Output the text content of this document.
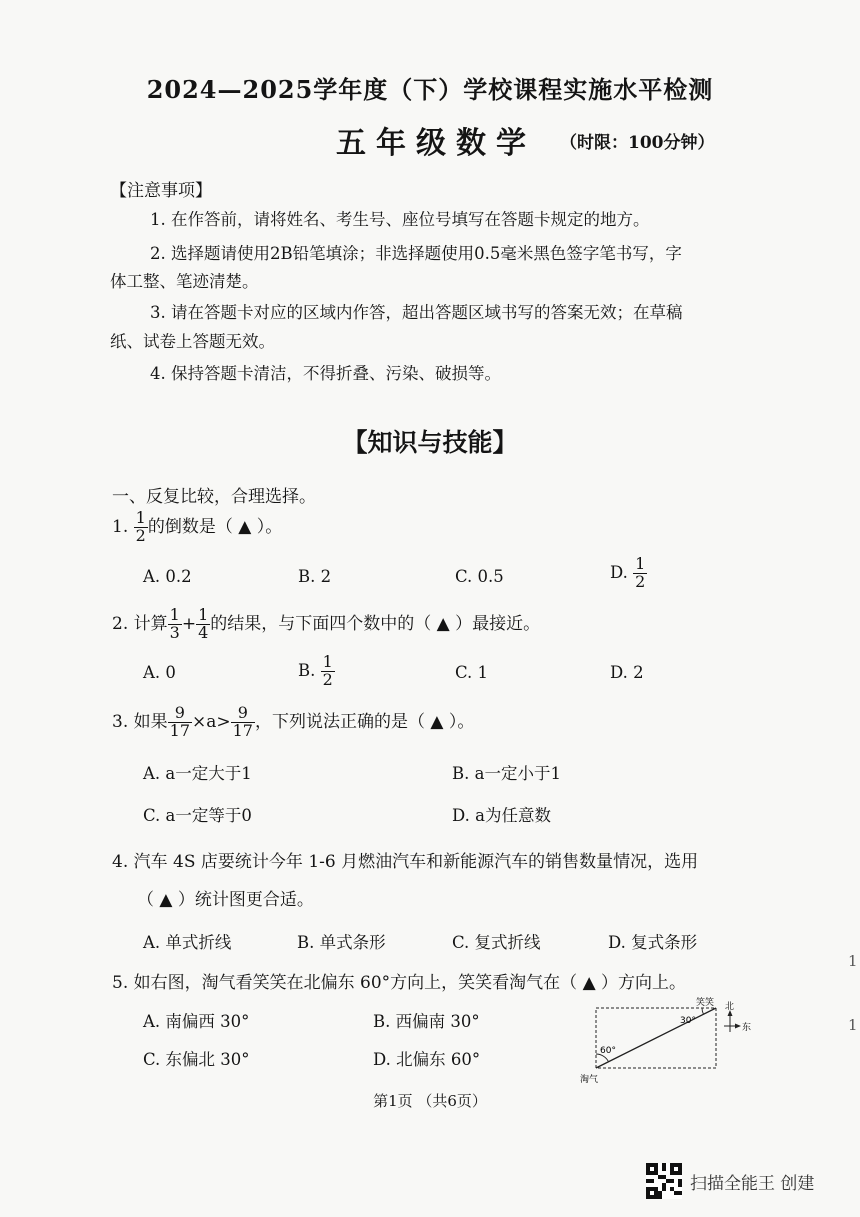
2024—2025学年度（下）学校课程实施水平检测
五年级数学 （时限：100分钟）
【注意事项】
1. 在作答前，请将姓名、考生号、座位号填写在答题卡规定的地方。
2. 选择题请使用2B铅笔填涂；非选择题使用0.5毫米黑色签字笔书写，字
体工整、笔迹清楚。
3. 请在答题卡对应的区域内作答，超出答题区域书写的答案无效；在草稿
纸、试卷上答题无效。
4. 保持答题卡清洁，不得折叠、污染、破损等。
【知识与技能】
一、反复比较，合理选择。
1. $\frac{1}{2}$ 的倒数是（ ▲ ）。
A. 0.2	B. 2	C. 0.5	D. $\frac{1}{2}$
2. 计算 $\frac{1}{3} + \frac{1}{4}$ 的结果，与下面四个数中的（ ▲ ）最接近。
A. 0	B. $\frac{1}{2}$	C. 1	D. 2
3. 如果 $\frac{9}{17} \times a> \frac{9}{17}$ ，下列说法正确的是（ ▲ ）。
A. a一定大于1	B. a一定小于1
C. a一定等于0	D. a为任意数
4. 汽车 4S 店要统计今年 1-6 月燃油汽车和新能源汽车的销售数量情况，选用
（ ▲ ）统计图更合适。
A. 单式折线	B. 单式条形	C. 复式折线	D. 复式条形
5. 如右图，淘气看笑笑在北偏东 60°方向上，笑笑看淘气在（ ▲ ）方向上。
A. 南偏西 30°	B. 西偏南 30°
C. 东偏北 30°	D. 北偏东 60°
30°
60°
笑笑
淘气
北
东
1
1
第1页 （共6页）
扫描全能王 创建
